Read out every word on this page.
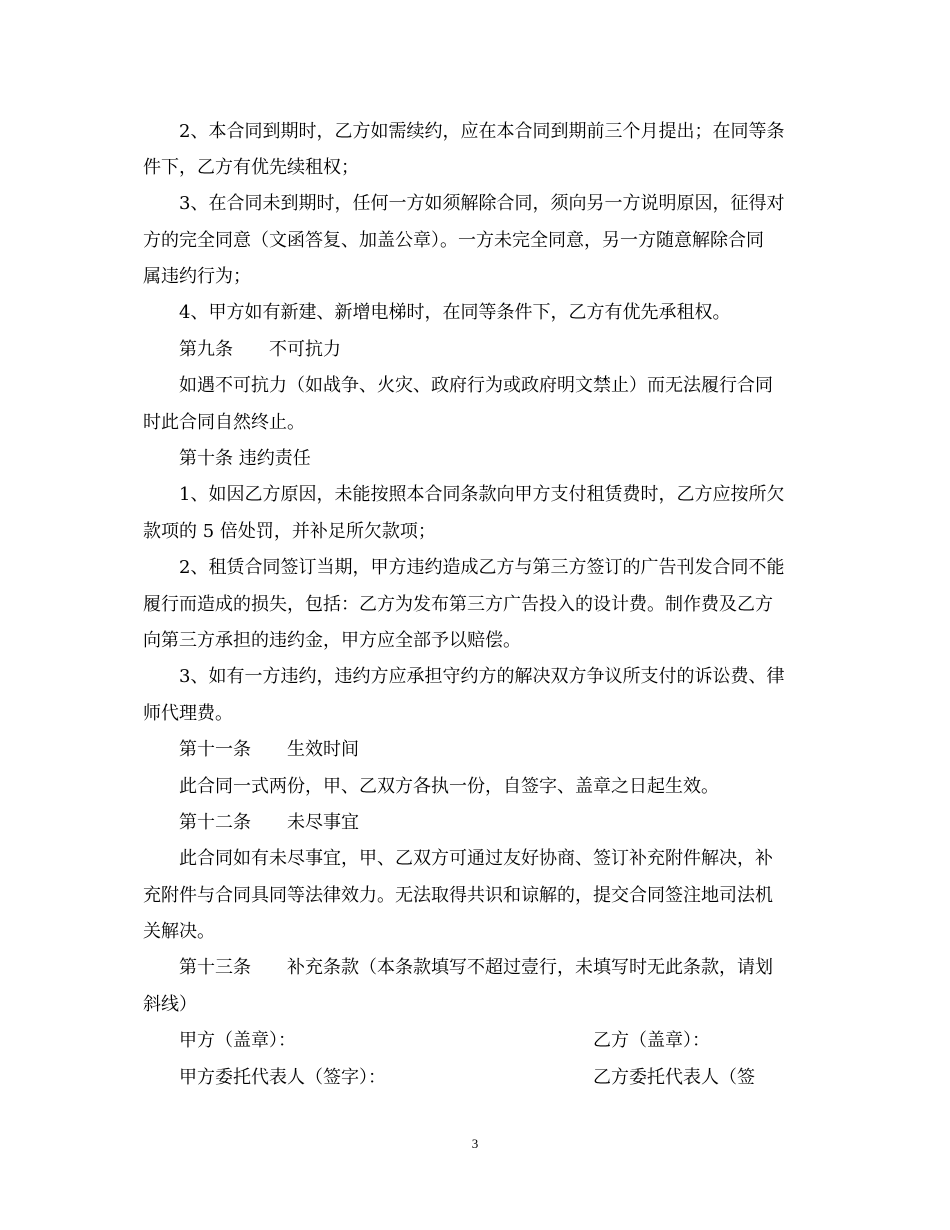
2、本合同到期时，乙方如需续约，应在本合同到期前三个月提出；在同等条
件下，乙方有优先续租权；
3、在合同未到期时，任何一方如须解除合同，须向另一方说明原因，征得对
方的完全同意（文函答复、加盖公章）。一方未完全同意，另一方随意解除合同
属违约行为；
4、甲方如有新建、新增电梯时，在同等条件下，乙方有优先承租权。
第九条 不可抗力
如遇不可抗力（如战争、火灾、政府行为或政府明文禁止）而无法履行合同
时此合同自然终止。
第十条 违约责任
1、如因乙方原因，未能按照本合同条款向甲方支付租赁费时，乙方应按所欠
款项的 5 倍处罚，并补足所欠款项；
2、租赁合同签订当期，甲方违约造成乙方与第三方签订的广告刊发合同不能
履行而造成的损失，包括：乙方为发布第三方广告投入的设计费。制作费及乙方
向第三方承担的违约金，甲方应全部予以赔偿。
3、如有一方违约，违约方应承担守约方的解决双方争议所支付的诉讼费、律
师代理费。
第十一条 生效时间
此合同一式两份，甲、乙双方各执一份，自签字、盖章之日起生效。
第十二条 未尽事宜
此合同如有未尽事宜，甲、乙双方可通过友好协商、签订补充附件解决，补
充附件与合同具同等法律效力。无法取得共识和谅解的，提交合同签注地司法机
关解决。
第十三条 补充条款（本条款填写不超过壹行，未填写时无此条款，请划
斜线）
甲方（盖章）：	乙方（盖章）：
甲方委托代表人（签字）：	乙方委托代表人（签
3
